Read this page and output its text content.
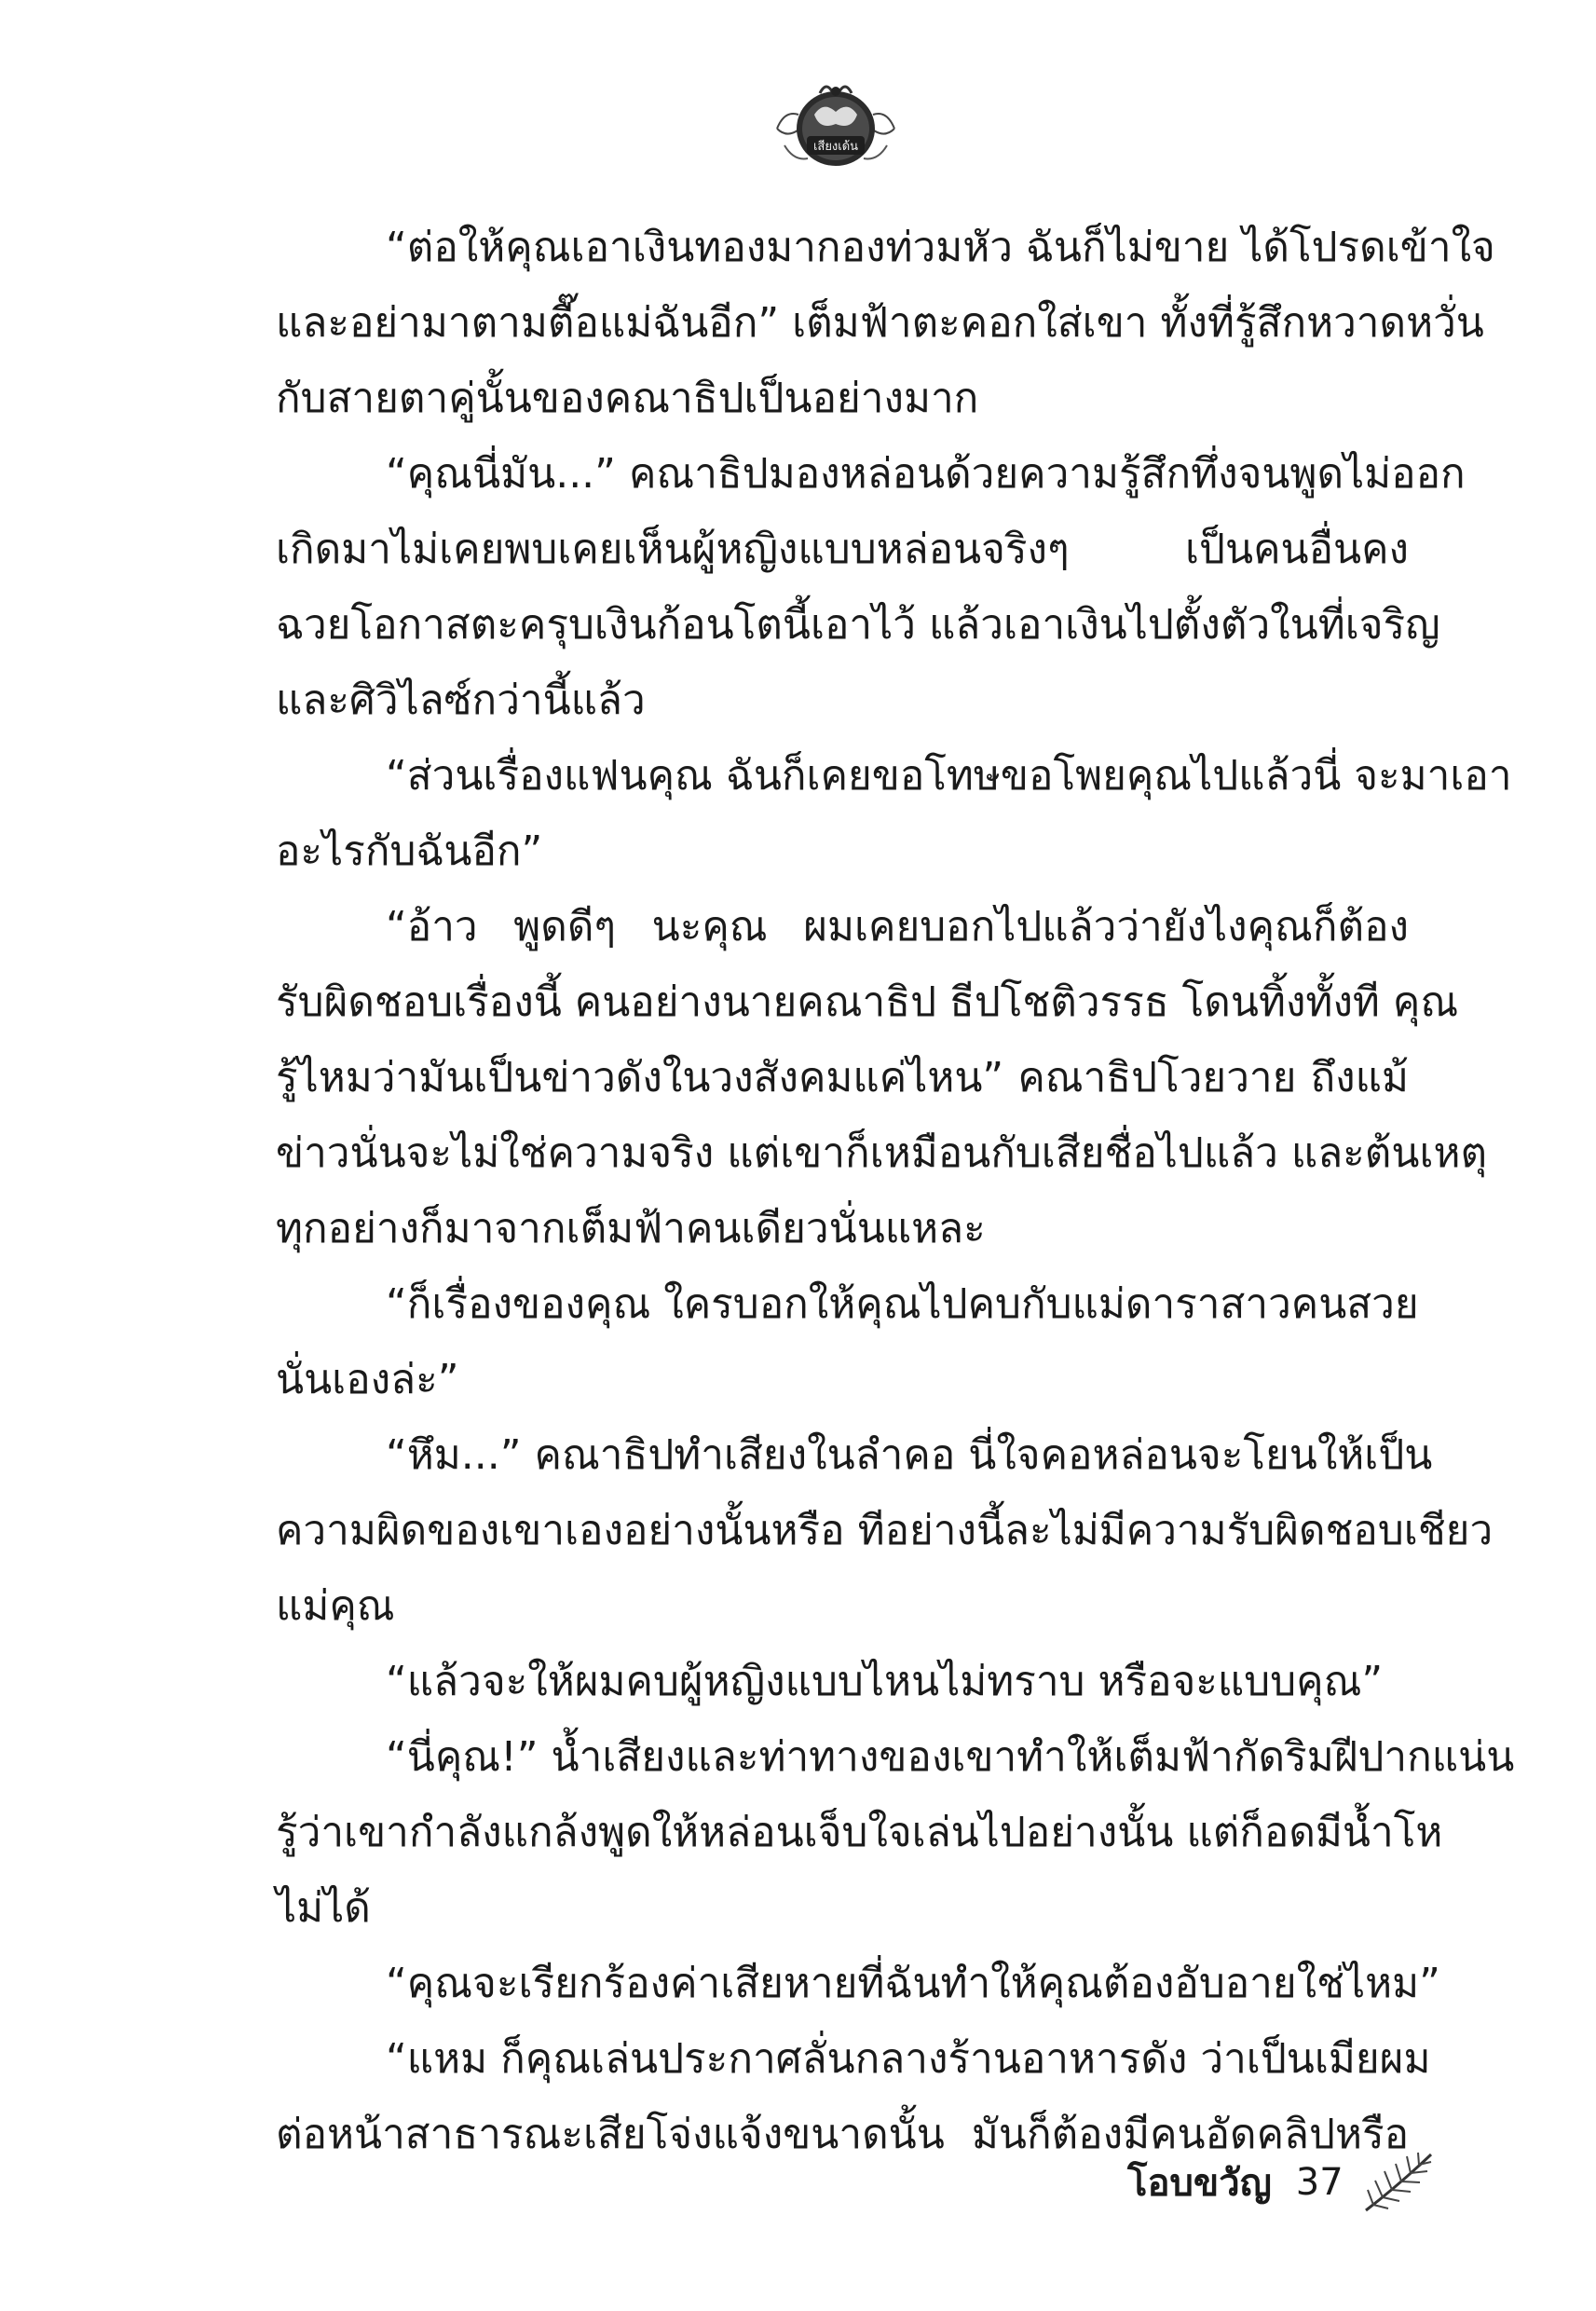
เสียงเด้น
“ต่อให้คุณเอาเงินทองมากองท่วมหัว ฉันก็ไม่ขาย ได้โปรดเข้าใจ
และอย่ามาตามตื๊อแม่ฉันอีก” เต็มฟ้าตะคอกใส่เขา ทั้งที่รู้สึกหวาดหวั่น
กับสายตาคู่นั้นของคณาธิปเป็นอย่างมาก
“คุณนี่มัน...” คณาธิปมองหล่อนด้วยความรู้สึกทึ่งจนพูดไม่ออก
เกิดมาไม่เคยพบเคยเห็นผู้หญิงแบบหล่อนจริงๆ เป็นคนอื่นคง
ฉวยโอกาสตะครุบเงินก้อนโตนี้เอาไว้ แล้วเอาเงินไปตั้งตัวในที่เจริญ
และศิวิไลซ์กว่านี้แล้ว
“ส่วนเรื่องแฟนคุณ ฉันก็เคยขอโทษขอโพยคุณไปแล้วนี่ จะมาเอา
อะไรกับฉันอีก”
“อ้าว พูดดีๆ นะคุณ ผมเคยบอกไปแล้วว่ายังไงคุณก็ต้อง
รับผิดชอบเรื่องนี้ คนอย่างนายคณาธิป ธีปโชติวรรธ โดนทิ้งทั้งที คุณ
รู้ไหมว่ามันเป็นข่าวดังในวงสังคมแค่ไหน” คณาธิปโวยวาย ถึงแม้
ข่าวนั่นจะไม่ใช่ความจริง แต่เขาก็เหมือนกับเสียชื่อไปแล้ว และต้นเหตุ
ทุกอย่างก็มาจากเต็มฟ้าคนเดียวนั่นแหละ
“ก็เรื่องของคุณ ใครบอกให้คุณไปคบกับแม่ดาราสาวคนสวย
นั่นเองล่ะ”
“หึม...” คณาธิปทำเสียงในลำคอ นี่ใจคอหล่อนจะโยนให้เป็น
ความผิดของเขาเองอย่างนั้นหรือ ทีอย่างนี้ละไม่มีความรับผิดชอบเชียว
แม่คุณ
“แล้วจะให้ผมคบผู้หญิงแบบไหนไม่ทราบ หรือจะแบบคุณ”
“นี่คุณ!” น้ำเสียงและท่าทางของเขาทำให้เต็มฟ้ากัดริมฝีปากแน่น
รู้ว่าเขากำลังแกล้งพูดให้หล่อนเจ็บใจเล่นไปอย่างนั้น แต่ก็อดมีน้ำโห
ไม่ได้
“คุณจะเรียกร้องค่าเสียหายที่ฉันทำให้คุณต้องอับอายใช่ไหม”
“แหม ก็คุณเล่นประกาศลั่นกลางร้านอาหารดัง ว่าเป็นเมียผม
ต่อหน้าสาธารณะเสียโจ่งแจ้งขนาดนั้น มันก็ต้องมีคนอัดคลิปหรือ
โอบขวัญ 37
